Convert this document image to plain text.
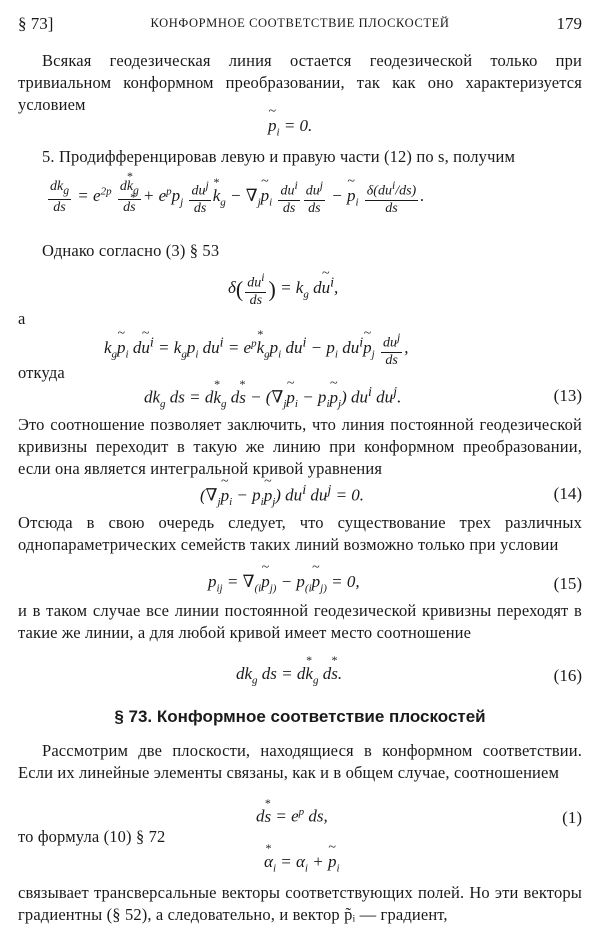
§ 73]	КОНФОРМНОЕ СООТВЕТСТВИЕ ПЛОСКОСТЕЙ	179
Всякая геодезическая линия остается геодезической только при тривиальном конформном преобразовании, так как оно характеризуется условием
~ $p_i = 0$.
5. Продифференцировав левую и правую части (12) по s, получим
$\frac{dk_g}{ds} = e^{2p} \frac{d* k_g}{d* s} + e^pp_j \frac{du^j}{ds}$
* $k_g$ − $\nabla_j\sim$ $p_i \frac{du^i}{ds} \frac{du^j}{ds}$ − ~ $p_i \frac{\delta(du^i/ds)}{ds}$ .
Однако согласно (3) § 53
$\delta( \frac{du^i}{ds}$ ) = $k_g$ d~ $u^i$,
а
$k_g\sim$ $p_i$ d~ $u^i = k_gp_i$ $du^i = e^p*$ $k_gp_i$ $du^i - p_i$ $du^i\sim$ $p_j \frac{du^j}{ds}$ ,
откуда
$dk_g$ ds = d* $k_g$ d* $s - (\nabla_j\sim$ $p_i$ − $p_i\sim$ $p_j$) $du^i$ $du^j$.	(13)
Это соотношение позволяет заключить, что линия постоянной геодезической кривизны переходит в такую же линию при конформном преобразовании, если она является интегральной кривой уравнения
($\nabla_j\sim$ $p_i$ − $p_i\sim$ $p_j$) $du^i$ $du^j = 0$.	(14)
Отсюда в свою очередь следует, что существование трех различных однопараметрических семейств таких линий возможно только при условии
$p_{ij}$ = $\nabla_{(i}\sim$ $p_{j)}$ − $p_{(i}\sim$ $p_{j)} = 0$,	(15)
и в таком случае все линии постоянной геодезической кривизны переходят в такие же линии, а для любой кривой имеет место соотношение
$dk_g$ ds = d* $k_g$ d* s.	(16)
§ 73. Конформное соответствие плоскостей
Рассмотрим две плоскости, находящиеся в конформном соответствии. Если их линейные элементы связаны, как и в общем случае, соотношением
d* $s = e^p$ ds,	(1)
то формула (10) § 72
* $\alpha_i = \alpha_i$ + ~ $p_i$
связывает трансверсальные векторы соответствующих полей. Но эти векторы градиентны (§ 52), а следовательно, и вектор p̃ᵢ — градиент,
